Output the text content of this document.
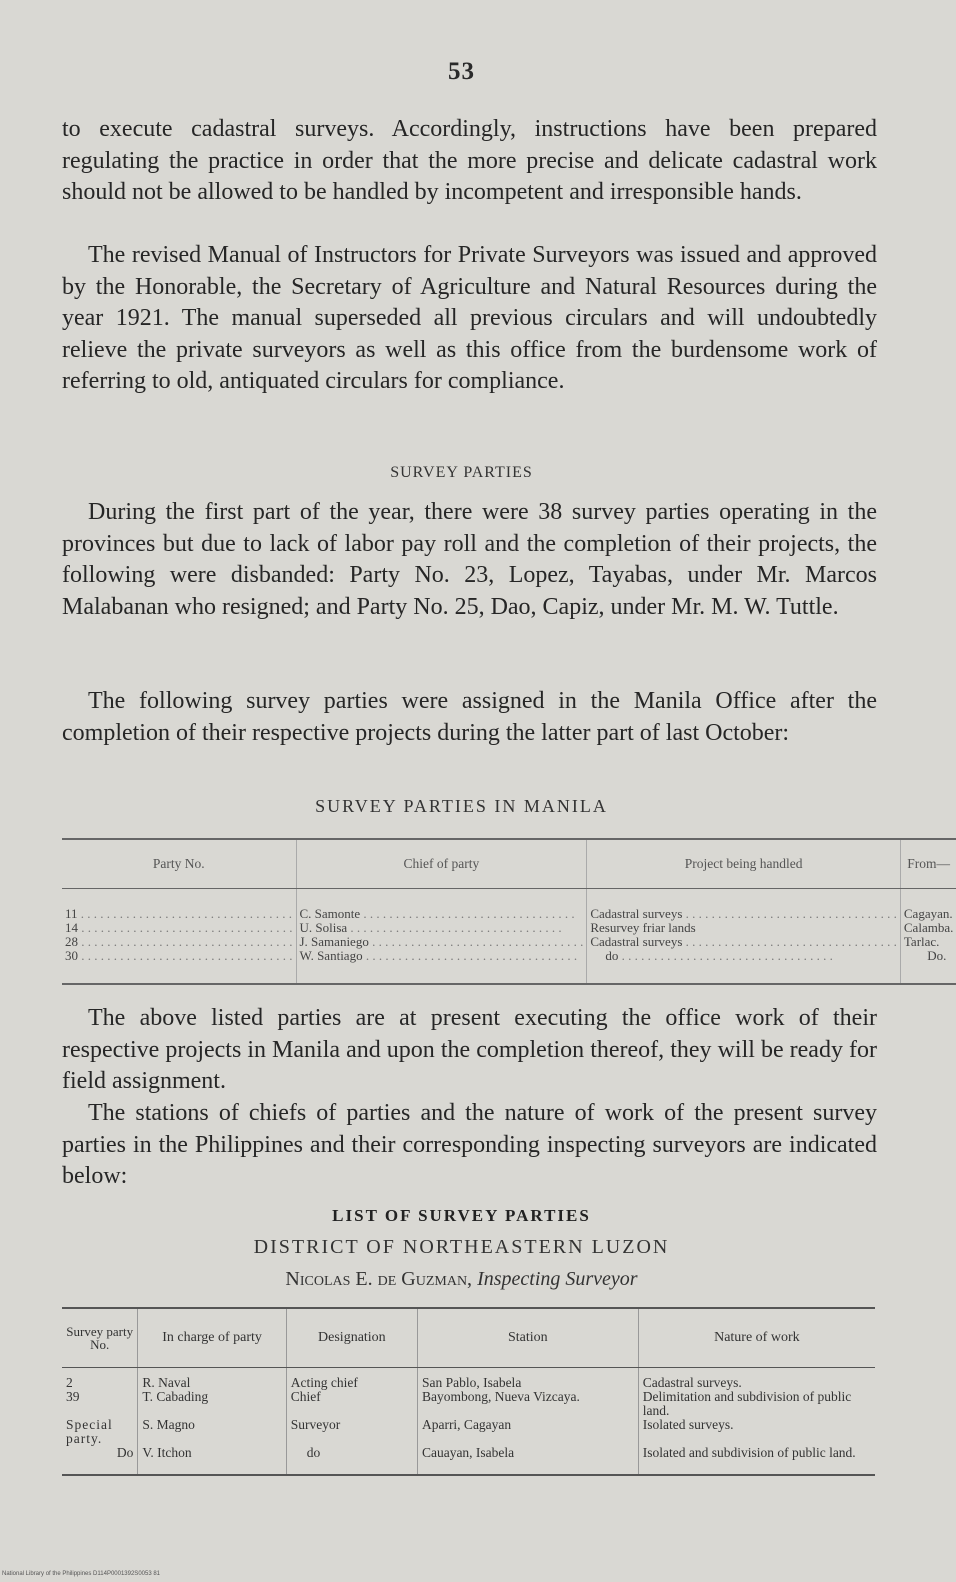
53

to execute cadastral surveys. Accordingly, instructions have been prepared regulating the practice in order that the more precise and delicate cadastral work should not be allowed to be handled by incompetent and irresponsible hands.

The revised Manual of Instructors for Private Surveyors was issued and approved by the Honorable, the Secretary of Agriculture and Natural Resources during the year 1921. The manual superseded all previous circulars and will undoubtedly relieve the private surveyors as well as this office from the burdensome work of referring to old, antiquated circulars for compliance.

SURVEY PARTIES

During the first part of the year, there were 38 survey parties operating in the provinces but due to lack of labor pay roll and the completion of their projects, the following were disbanded: Party No. 23, Lopez, Tayabas, under Mr. Marcos Malabanan who resigned; and Party No. 25, Dao, Capiz, under Mr. M. W. Tuttle.

The following survey parties were assigned in the Manila Office after the completion of their respective projects during the latter part of last October:

SURVEY PARTIES IN MANILA
Party No.	Chief of party	Project being handled	From—

11 . . .	C. Samonte . . .	Cadastral surveys . . .	Cagayan.

14 . . .	U. Solisa . . .	Resurvey friar lands	Calamba.

28 . . .	J. Samaniego . . .	Cadastral surveys . . .	Tarlac.

30 . . .	W. Santiago . . .	do . . .	Do.

The above listed parties are at present executing the office work of their respective projects in Manila and upon the completion thereof, they will be ready for field assignment.

The stations of chiefs of parties and the nature of work of the present survey parties in the Philippines and their corresponding inspecting surveyors are indicated below:

LIST OF SURVEY PARTIES
DISTRICT OF NORTHEASTERN LUZON
Nicolas E. de Guzman, Inspecting Surveyor
Survey party No.	In charge of party	Designation	Station	Nature of work
2	R. Naval	Acting chief	San Pablo, Isabela	Cadastral surveys.
39	T. Cabading	Chief	Bayombong, Nueva Vizcaya.	Delimitation and subdivision of public land.
Special party.	S. Magno	Surveyor	Aparri, Cagayan	Isolated surveys.
Do	V. Itchon	do	Cauayan, Isabela	Isolated and subdivision of public land.
National Library of the Philippines D114P0001392S0053 81
